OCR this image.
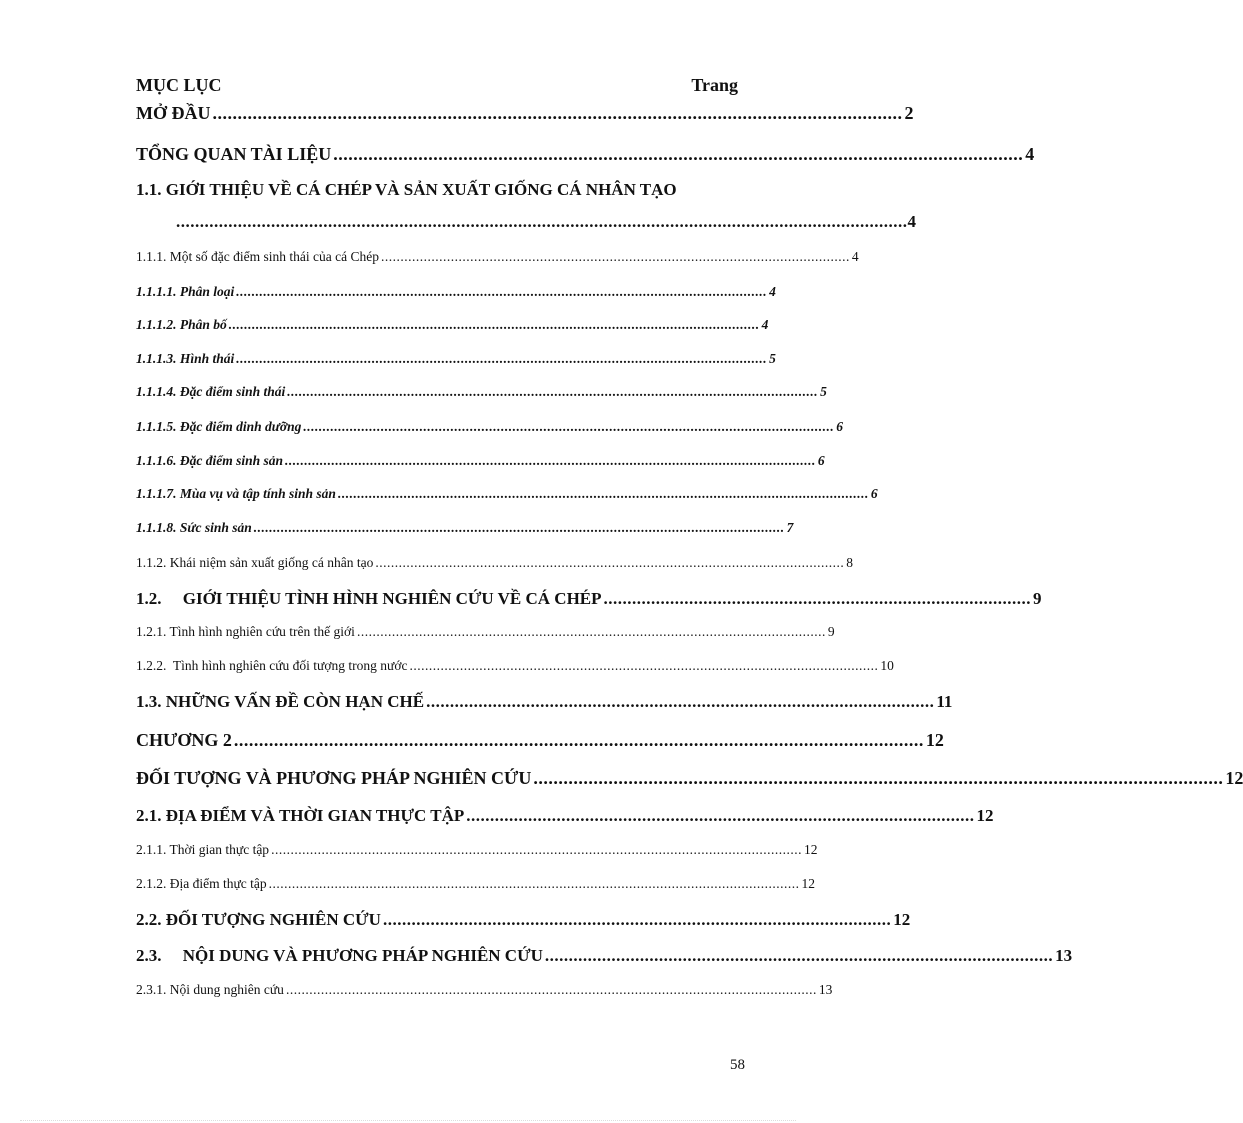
MỤC LỤC	Trang
MỞ ĐẦU .......................................................................................................................................... 2
TỔNG QUAN TÀI LIỆU .......................................................................................................................................... 4
1.1. GIỚI THIỆU VỀ CÁ CHÉP VÀ SẢN XUẤT GIỐNG CÁ NHÂN TẠO
.......................................................................................................................................................... 4
1.1.1. Một số đặc điểm sinh thái của cá Chép ......................................................................................................................... 4
1.1.1.1. Phân loại ......................................................................................................................................... 4
1.1.1.2. Phân bố ......................................................................................................................................... 4
1.1.1.3. Hình thái ......................................................................................................................................... 5
1.1.1.4. Đặc điểm sinh thái ......................................................................................................................................... 5
1.1.1.5. Đặc điểm dinh dưỡng ......................................................................................................................................... 6
1.1.1.6. Đặc điểm sinh sản ......................................................................................................................................... 6
1.1.1.7. Mùa vụ và tập tính sinh sản ......................................................................................................................................... 6
1.1.1.8. Sức sinh sản ......................................................................................................................................... 7
1.1.2. Khái niệm sản xuất giống cá nhân tạo ......................................................................................................................... 8
1.2.     GIỚI THIỆU TÌNH HÌNH NGHIÊN CỨU VỀ CÁ CHÉP .......................................................................................... 9
1.2.1. Tình hình nghiên cứu trên thế giới ......................................................................................................................... 9
1.2.2.  Tình hình nghiên cứu đối tượng trong nước ......................................................................................................................... 10
1.3. NHỮNG VẤN ĐỀ CÒN HẠN CHẾ ........................................................................................................... 11
CHƯƠNG 2 .......................................................................................................................................... 12
ĐỐI TƯỢNG VÀ PHƯƠNG PHÁP NGHIÊN CỨU .......................................................................................................................................... 12
2.1. ĐỊA ĐIỂM VÀ THỜI GIAN THỰC TẬP ........................................................................................................... 12
2.1.1. Thời gian thực tập ......................................................................................................................................... 12
2.1.2. Địa điểm thực tập ......................................................................................................................................... 12
2.2. ĐỐI TƯỢNG NGHIÊN CỨU ........................................................................................................... 12
2.3.     NỘI DUNG VÀ PHƯƠNG PHÁP NGHIÊN CỨU ........................................................................................................... 13
2.3.1. Nội dung nghiên cứu ......................................................................................................................................... 13
58
